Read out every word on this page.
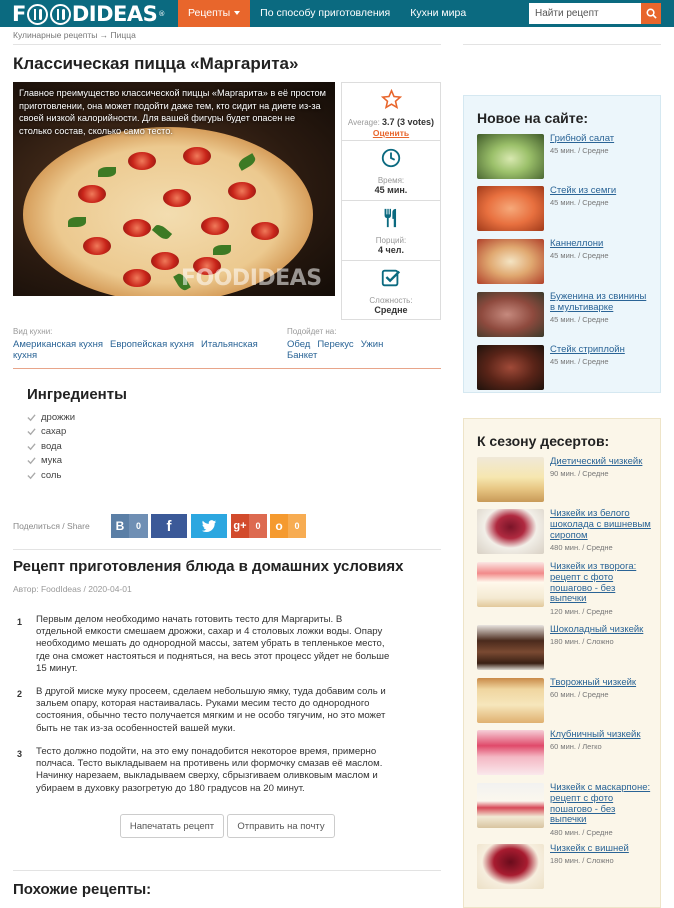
F DIDEAS ®	Рецепты	По способу приготовления	Кухни мира
Найти рецепт
Кулинарные рецепты → Пицца
Классическая пицца «Маргарита»
Главное преимущество классической пиццы «Маргарита» в её простом приготовлении, она может подойти даже тем, кто сидит на диете из-за своей низкой калорийности. Для вашей фигуры будет опасен не столько состав, сколько само тесто.
FOODIDEAS
Average: 3.7 (3 votes)
Оценить
Время:
45 мин.
Порций:
4 чел.
Сложность:
Средне
Вид кухни:
Американская кухня Европейская кухня Итальянская кухня
Подойдет на:
Обед Перекус Ужин
Банкет
Ингредиенты
дрожжи
сахар
вода
мука
соль
Поделиться / Share	В	0	f	g+ 0	о	0
Рецепт приготовления блюда в домашних условиях
Автор: FoodIdeas / 2020-04-01
1 Первым делом необходимо начать готовить тесто для Маргариты. В отдельной емкости смешаем дрожжи, сахар и 4 столовых ложки воды. Опару необходимо мешать до однородной массы, затем убрать в тепленькое место, где она сможет настояться и подняться, на весь этот процесс уйдет не больше 15 минут.
2 В другой миске муку просеем, сделаем небольшую ямку, туда добавим соль и зальем опару, которая настаивалась. Руками месим тесто до однородного состояния, обычно тесто получается мягким и не особо тягучим, но это может быть не так из-за особенностей вашей муки.
3 Тесто должно подойти, на это ему понадобится некоторое время, примерно полчаса. Тесто выкладываем на противень или формочку смазав её маслом. Начинку нарезаем, выкладываем сверху, сбрызгиваем оливковым маслом и убираем в духовку разогретую до 180 градусов на 20 минут.
Напечатать рецепт	Отправить на почту
Похожие рецепты:
Новое на сайте:
Грибной салат
45 мин. / Средне
Стейк из семги
45 мин. / Средне
Каннеллони
45 мин. / Средне
Буженина из свинины в мультиварке
45 мин. / Средне
Стейк стриплойн
45 мин. / Средне
К сезону десертов:
Диетический чизкейк
90 мин. / Средне
Чизкейк из белого шоколада с вишневым сиропом
480 мин. / Средне
Чизкейк из творога: рецепт с фото пошагово - без выпечки
120 мин. / Средне
Шоколадный чизкейк
180 мин. / Сложно
Творожный чизкейк
60 мин. / Средне
Клубничный чизкейк
60 мин. / Легко
Чизкейк с маскарпоне: рецепт с фото пошагово - без выпечки
480 мин. / Средне
Чизкейк с вишней
180 мин. / Сложно
